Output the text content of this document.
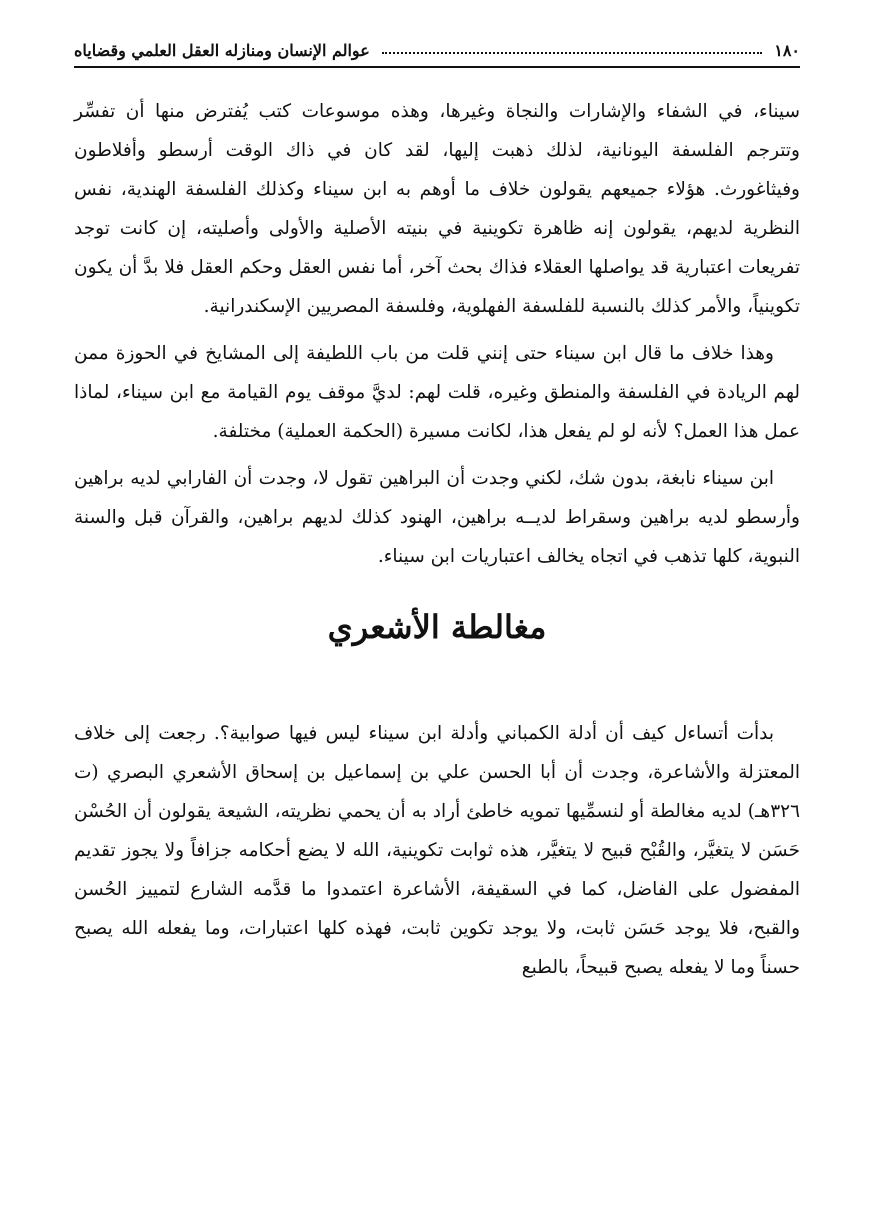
١٨٠
عوالم الإنسان ومنازله العقل العلمي وقضاياه

سيناء، في الشفاء والإشارات والنجاة وغيرها، وهذه موسوعات كتب يُفترض منها أن تفسِّر وتترجم الفلسفة اليونانية، لذلك ذهبت إليها، لقد كان في ذاك الوقت أرسطو وأفلاطون وفيثاغورث. هؤلاء جميعهم يقولون خلاف ما أوهم به ابن سيناء وكذلك الفلسفة الهندية، نفس النظرية لديهم، يقولون إنه ظاهرة تكوينية في بنيته الأصلية والأولى وأصليته، إن كانت توجد تفريعات اعتبارية قد يواصلها العقلاء فذاك بحث آخر، أما نفس العقل وحكم العقل فلا بدَّ أن يكون تكوينياً، والأمر كذلك بالنسبة للفلسفة الفهلوية، وفلسفة المصريين الإسكندرانية.

وهذا خلاف ما قال ابن سيناء حتى إنني قلت من باب اللطيفة إلى المشايخ في الحوزة ممن لهم الريادة في الفلسفة والمنطق وغيره، قلت لهم: لديَّ موقف يوم القيامة مع ابن سيناء، لماذا عمل هذا العمل؟ لأنه لو لم يفعل هذا، لكانت مسيرة (الحكمة العملية) مختلفة.

ابن سيناء نابغة، بدون شك، لكني وجدت أن البراهين تقول لا، وجدت أن الفارابي لديه براهين وأرسطو لديه براهين وسقراط لديــه براهين، الهنود كذلك لديهم براهين، والقرآن قبل والسنة النبوية، كلها تذهب في اتجاه يخالف اعتباريات ابن سيناء.

مغالطة الأشعري

بدأت أتساءل كيف أن أدلة الكمباني وأدلة ابن سيناء ليس فيها صوابية؟. رجعت إلى خلاف المعتزلة والأشاعرة، وجدت أن أبا الحسن علي بن إسماعيل بن إسحاق الأشعري البصري (ت ٣٢٦هـ) لديه مغالطة أو لنسمِّيها تمويه خاطئ أراد به أن يحمي نظريته، الشيعة يقولون أن الحُسْن حَسَن لا يتغيَّر، والقُبْح قبيح لا يتغيَّر، هذه ثوابت تكوينية، الله لا يضع أحكامه جزافاً ولا يجوز تقديم المفضول على الفاضل، كما في السقيفة، الأشاعرة اعتمدوا ما قدَّمه الشارع لتمييز الحُسن والقبح، فلا يوجد حَسَن ثابت، ولا يوجد تكوين ثابت، فهذه كلها اعتبارات، وما يفعله الله يصبح حسناً وما لا يفعله يصبح قبيحاً، بالطبع
